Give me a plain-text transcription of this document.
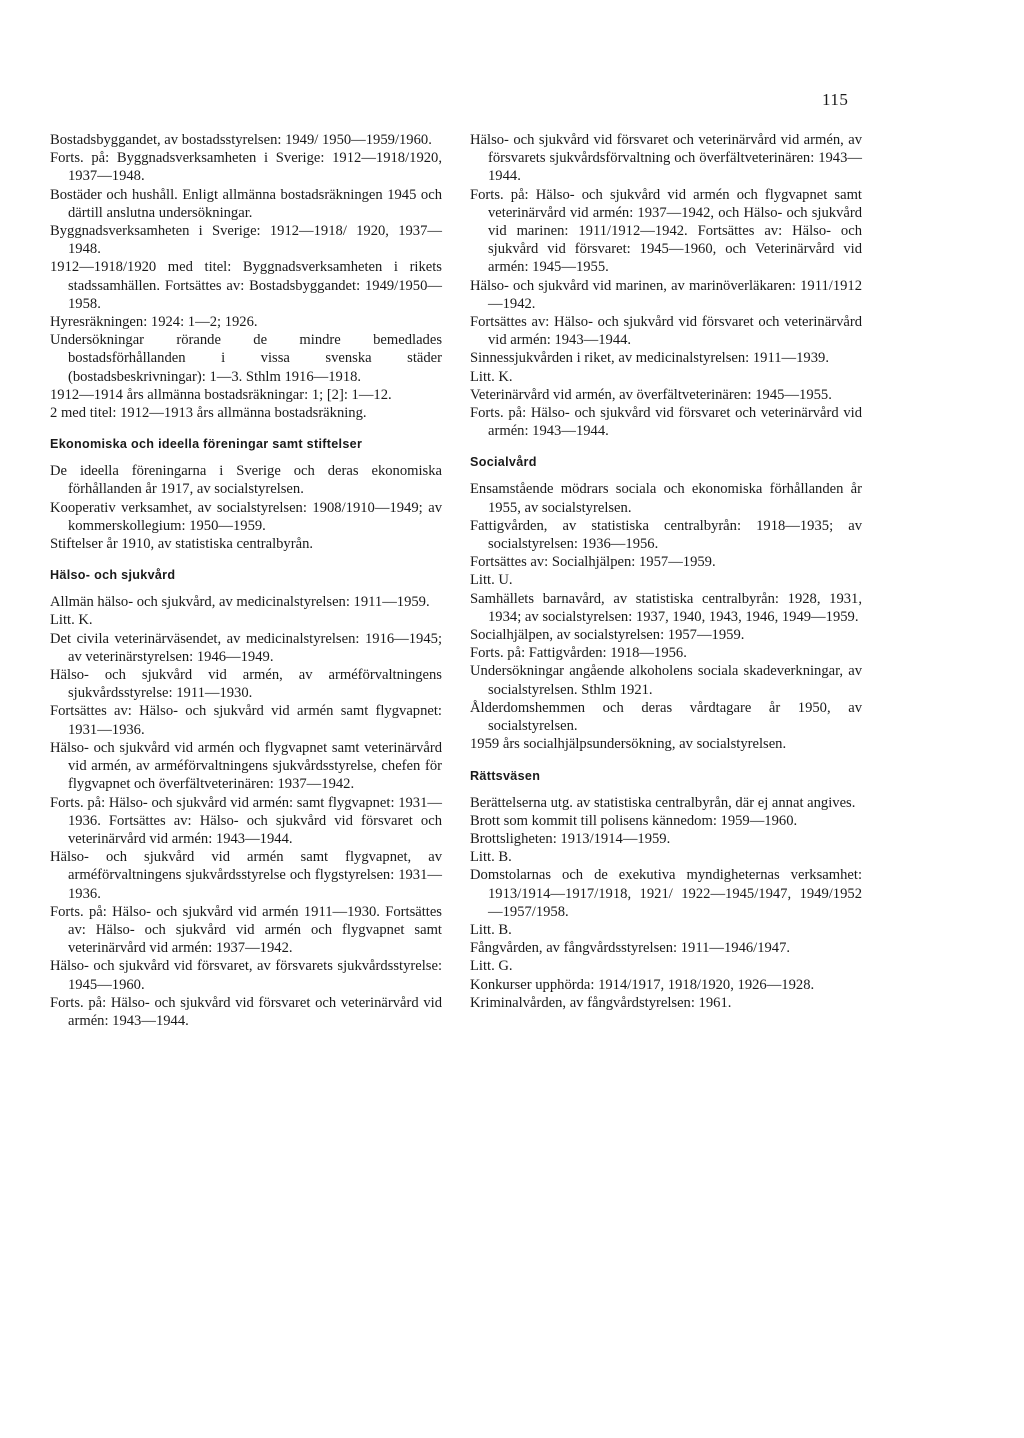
115

Bostadsbyggandet, av bostadsstyrelsen: 1949/ 1950—1959/1960.

Forts. på: Byggnadsverksamheten i Sverige: 1912—1918/1920, 1937—1948.

Bostäder och hushåll. Enligt allmänna bostadsräkningen 1945 och därtill anslutna undersökningar.

Byggnadsverksamheten i Sverige: 1912—1918/ 1920, 1937—1948.

1912—1918/1920 med titel: Byggnadsverksamheten i rikets stadssamhällen. Fortsättes av: Bostadsbyggandet: 1949/1950—1958.

Hyresräkningen: 1924: 1—2; 1926.

Undersökningar rörande de mindre bemedlades bostadsförhållanden i vissa svenska städer (bostadsbeskrivningar): 1—3. Sthlm 1916—1918.

1912—1914 års allmänna bostadsräkningar: 1; [2]: 1—12.

2 med titel: 1912—1913 års allmänna bostadsräkning.

Ekonomiska och ideella föreningar samt stiftelser

De ideella föreningarna i Sverige och deras ekonomiska förhållanden år 1917, av socialstyrelsen.

Kooperativ verksamhet, av socialstyrelsen: 1908/1910—1949; av kommerskollegium: 1950—1959.

Stiftelser år 1910, av statistiska centralbyrån.

Hälso- och sjukvård

Allmän hälso- och sjukvård, av medicinalstyrelsen: 1911—1959.

Litt. K.

Det civila veterinärväsendet, av medicinalstyrelsen: 1916—1945; av veterinärstyrelsen: 1946—1949.

Hälso- och sjukvård vid armén, av arméförvaltningens sjukvårdsstyrelse: 1911—1930.

Fortsättes av: Hälso- och sjukvård vid armén samt flygvapnet: 1931—1936.

Hälso- och sjukvård vid armén och flygvapnet samt veterinärvård vid armén, av arméförvaltningens sjukvårdsstyrelse, chefen för flygvapnet och överfältveterinären: 1937—1942.

Forts. på: Hälso- och sjukvård vid armén: samt flygvapnet: 1931—1936. Fortsättes av: Hälso- och sjukvård vid försvaret och veterinärvård vid armén: 1943—1944.

Hälso- och sjukvård vid armén samt flygvapnet, av arméförvaltningens sjukvårdsstyrelse och flygstyrelsen: 1931—1936.

Forts. på: Hälso- och sjukvård vid armén 1911—1930. Fortsättes av: Hälso- och sjukvård vid armén och flygvapnet samt veterinärvård vid armén: 1937—1942.

Hälso- och sjukvård vid försvaret, av försvarets sjukvårdsstyrelse: 1945—1960.

Forts. på: Hälso- och sjukvård vid försvaret och veterinärvård vid armén: 1943—1944.

Hälso- och sjukvård vid försvaret och veterinärvård vid armén, av försvarets sjukvårdsförvaltning och överfältveterinären: 1943—1944.

Forts. på: Hälso- och sjukvård vid armén och flygvapnet samt veterinärvård vid armén: 1937—1942, och Hälso- och sjukvård vid marinen: 1911/1912—1942. Fortsättes av: Hälso- och sjukvård vid försvaret: 1945—1960, och Veterinärvård vid armén: 1945—1955.

Hälso- och sjukvård vid marinen, av marinöverläkaren: 1911/1912—1942.

Fortsättes av: Hälso- och sjukvård vid försvaret och veterinärvård vid armén: 1943—1944.

Sinnessjukvården i riket, av medicinalstyrelsen: 1911—1939.

Litt. K.

Veterinärvård vid armén, av överfältveterinären: 1945—1955.

Forts. på: Hälso- och sjukvård vid försvaret och veterinärvård vid armén: 1943—1944.

Socialvård

Ensamstående mödrars sociala och ekonomiska förhållanden år 1955, av socialstyrelsen.

Fattigvården, av statistiska centralbyrån: 1918—1935; av socialstyrelsen: 1936—1956.

Fortsättes av: Socialhjälpen: 1957—1959.

Litt. U.

Samhällets barnavård, av statistiska centralbyrån: 1928, 1931, 1934; av socialstyrelsen: 1937, 1940, 1943, 1946, 1949—1959.

Socialhjälpen, av socialstyrelsen: 1957—1959.

Forts. på: Fattigvården: 1918—1956.

Undersökningar angående alkoholens sociala skadeverkningar, av socialstyrelsen. Sthlm 1921.

Ålderdomshemmen och deras vårdtagare år 1950, av socialstyrelsen.

1959 års socialhjälpsundersökning, av socialstyrelsen.

Rättsväsen

Berättelserna utg. av statistiska centralbyrån, där ej annat angives.

Brott som kommit till polisens kännedom: 1959—1960.

Brottsligheten: 1913/1914—1959.

Litt. B.

Domstolarnas och de exekutiva myndigheternas verksamhet: 1913/1914—1917/1918, 1921/ 1922—1945/1947, 1949/1952—1957/1958.

Litt. B.

Fångvården, av fångvårdsstyrelsen: 1911—1946/1947.

Litt. G.

Konkurser upphörda: 1914/1917, 1918/1920, 1926—1928.

Kriminalvården, av fångvårdstyrelsen: 1961.
